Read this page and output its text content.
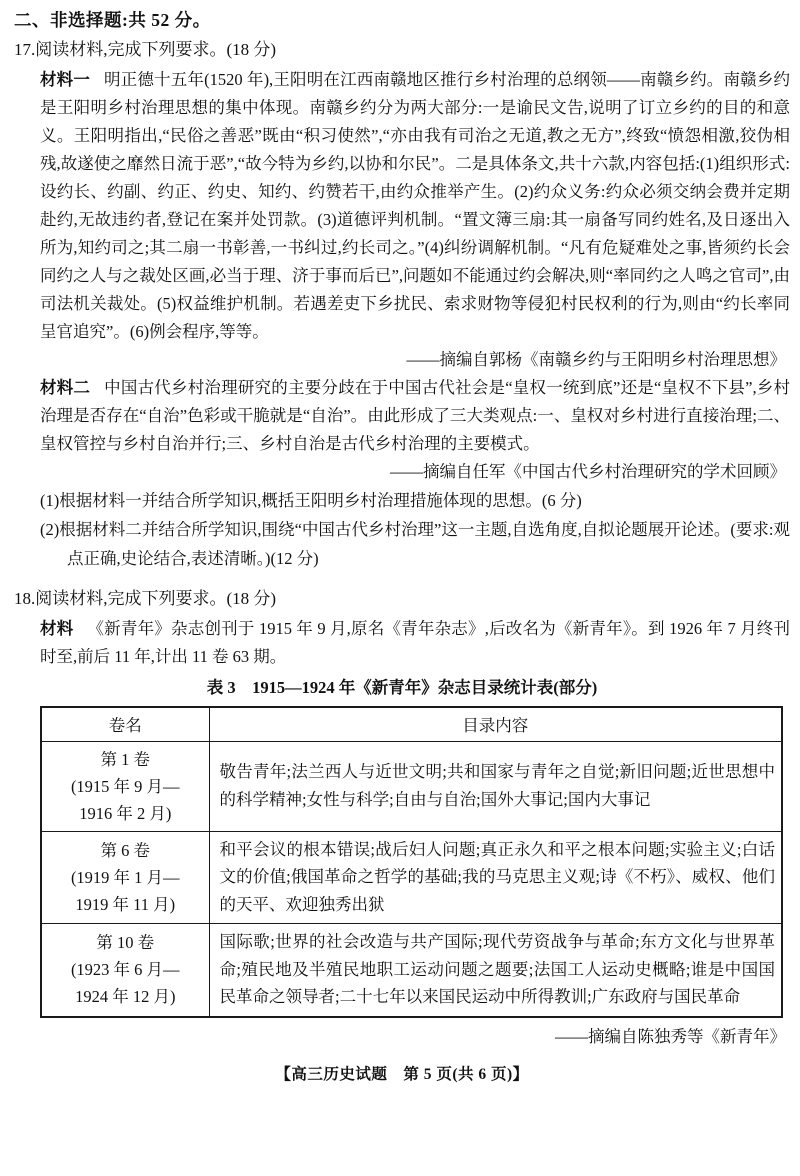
二、非选择题:共 52 分。
17.阅读材料,完成下列要求。(18 分)

材料一 明正德十五年(1520 年),王阳明在江西南赣地区推行乡村治理的总纲领——南赣乡约。南赣乡约是王阳明乡村治理思想的集中体现。南赣乡约分为两大部分:一是谕民文告,说明了订立乡约的目的和意义。王阳明指出,“民俗之善恶”既由“积习使然”,“亦由我有司治之无道,教之无方”,终致“愤怨相激,狡伪相残,故遂使之靡然日流于恶”,“故今特为乡约,以协和尔民”。二是具体条文,共十六款,内容包括:(1)组织形式:设约长、约副、约正、约史、知约、约赞若干,由约众推举产生。(2)约众义务:约众必须交纳会费并定期赴约,无故违约者,登记在案并处罚款。(3)道德评判机制。“置文簿三扇:其一扇备写同约姓名,及日逐出入所为,知约司之;其二扇一书彰善,一书纠过,约长司之。”(4)纠纷调解机制。“凡有危疑难处之事,皆须约长会同约之人与之裁处区画,必当于理、济于事而后已”,问题如不能通过约会解决,则“率同约之人鸣之官司”,由司法机关裁处。(5)权益维护机制。若遇差吏下乡扰民、索求财物等侵犯村民权利的行为,则由“约长率同呈官追究”。(6)例会程序,等等。

——摘编自郭杨《南赣乡约与王阳明乡村治理思想》

材料二 中国古代乡村治理研究的主要分歧在于中国古代社会是“皇权一统到底”还是“皇权不下县”,乡村治理是否存在“自治”色彩或干脆就是“自治”。由此形成了三大类观点:一、皇权对乡村进行直接治理;二、皇权管控与乡村自治并行;三、乡村自治是古代乡村治理的主要模式。

——摘编自任军《中国古代乡村治理研究的学术回顾》
(1)根据材料一并结合所学知识,概括王阳明乡村治理措施体现的思想。(6 分)
(2)根据材料二并结合所学知识,围绕“中国古代乡村治理”这一主题,自选角度,自拟论题展开论述。(要求:观点正确,史论结合,表述清晰。)(12 分)
18.阅读材料,完成下列要求。(18 分)

材料 《新青年》杂志创刊于 1915 年 9 月,原名《青年杂志》,后改名为《新青年》。到 1926 年 7 月终刊时至,前后 11 年,计出 11 卷 63 期。

表 3　1915—1924 年《新青年》杂志目录统计表(部分)
卷名	目录内容

第 1 卷
(1915 年 9 月—
1916 年 2 月)	敬告青年;法兰西人与近世文明;共和国家与青年之自觉;新旧问题;近世思想中的科学精神;女性与科学;自由与自治;国外大事记;国内大事记

第 6 卷
(1919 年 1 月—
1919 年 11 月)	和平会议的根本错误;战后妇人问题;真正永久和平之根本问题;实验主义;白话文的价值;俄国革命之哲学的基础;我的马克思主义观;诗《不朽》、威权、他们的天平、欢迎独秀出狱

第 10 卷
(1923 年 6 月—
1924 年 12 月)	国际歌;世界的社会改造与共产国际;现代劳资战争与革命;东方文化与世界革命;殖民地及半殖民地职工运动问题之题要;法国工人运动史概略;谁是中国国民革命之领导者;二十七年以来国民运动中所得教训;广东政府与国民革命
——摘编自陈独秀等《新青年》
【高三历史试题　第 5 页(共 6 页)】
